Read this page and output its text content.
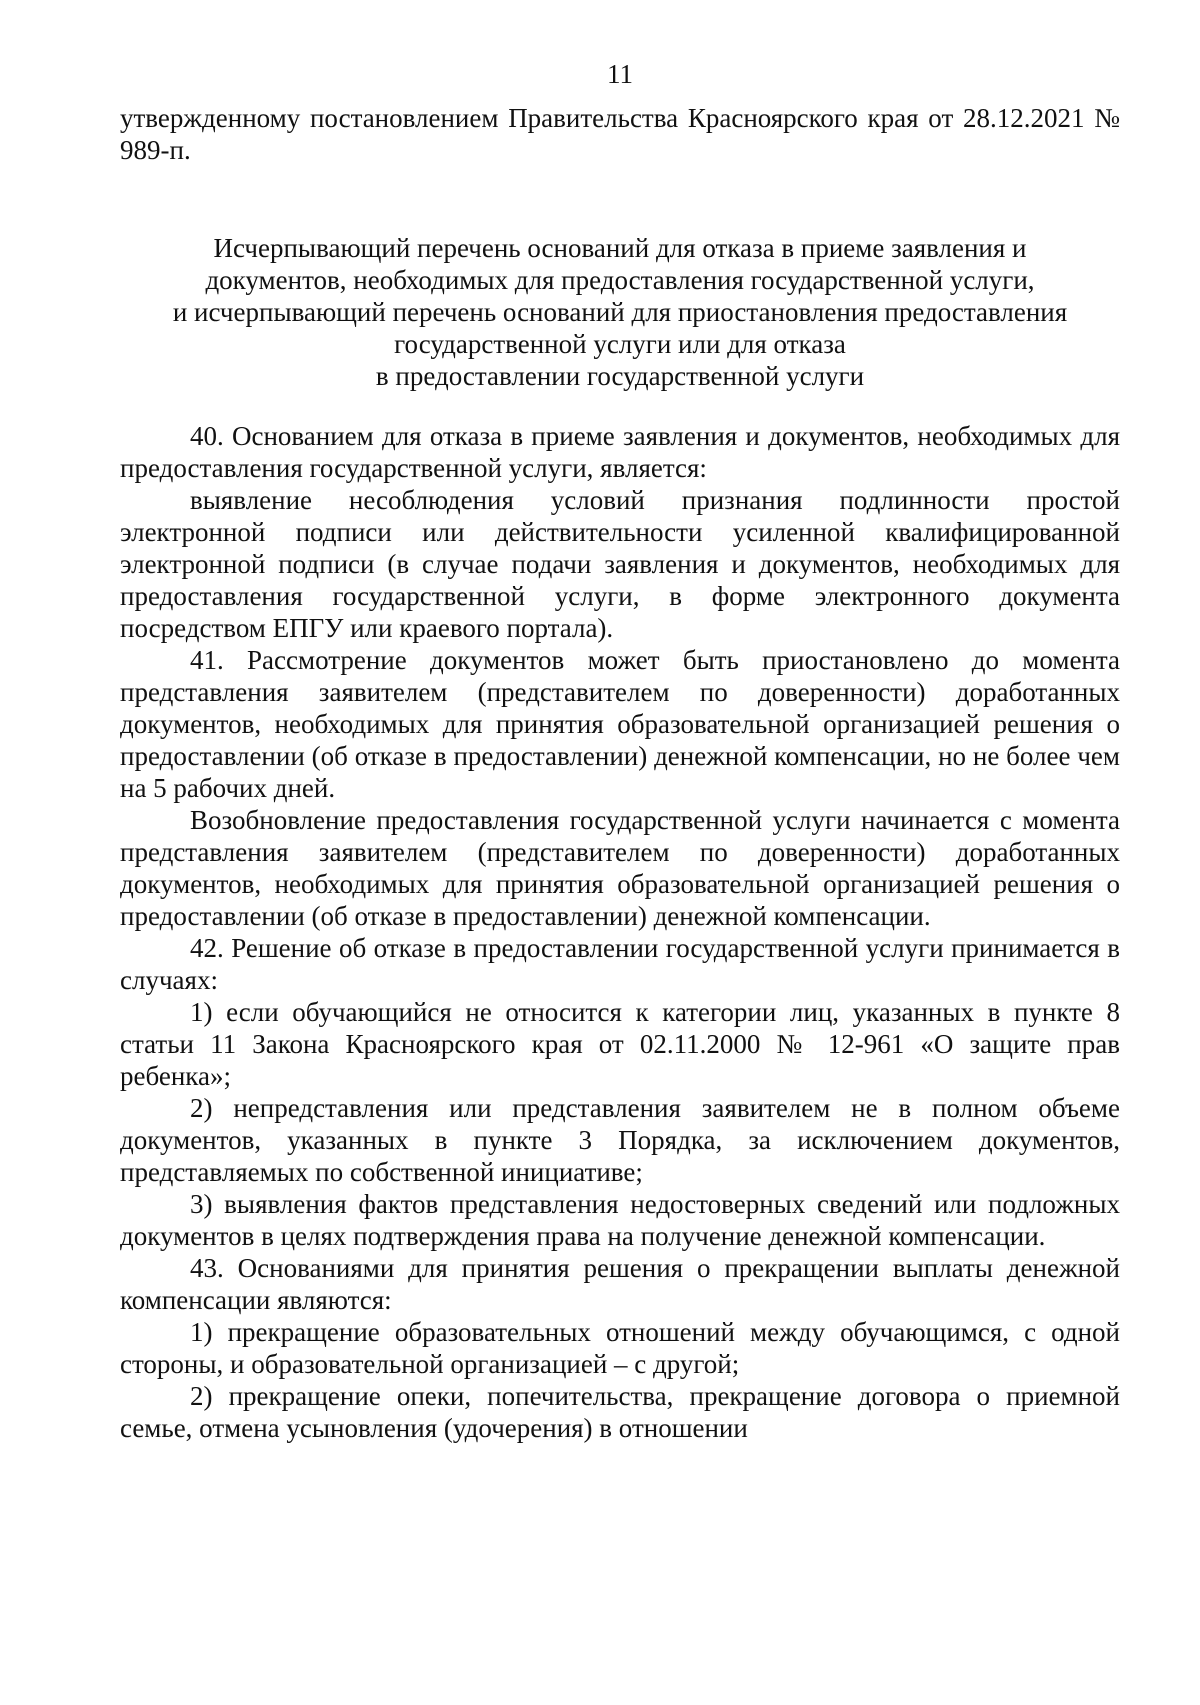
11

утвержденному постановлением Правительства Красноярского края от 28.12.2021 № 989-п.

Исчерпывающий перечень оснований для отказа в приеме заявления и
документов, необходимых для предоставления государственной услуги,
и исчерпывающий перечень оснований для приостановления предоставления
государственной услуги или для отказа
в предоставлении государственной услуги

40. Основанием для отказа в приеме заявления и документов, необходимых для предоставления государственной услуги, является:

выявление несоблюдения условий признания подлинности простой электронной подписи или действительности усиленной квалифицированной электронной подписи (в случае подачи заявления и документов, необходимых для предоставления государственной услуги, в форме электронного документа посредством ЕПГУ или краевого портала).

41. Рассмотрение документов может быть приостановлено до момента представления заявителем (представителем по доверенности) доработанных документов, необходимых для принятия образовательной организацией решения о предоставлении (об отказе в предоставлении) денежной компенсации, но не более чем на 5 рабочих дней.

Возобновление предоставления государственной услуги начинается с момента представления заявителем (представителем по доверенности) доработанных документов, необходимых для принятия образовательной организацией решения о предоставлении (об отказе в предоставлении) денежной компенсации.

42. Решение об отказе в предоставлении государственной услуги принимается в случаях:

1) если обучающийся не относится к категории лиц, указанных в пункте 8 статьи 11 Закона Красноярского края от 02.11.2000 № 12-961 «О защите прав ребенка»;

2) непредставления или представления заявителем не в полном объеме документов, указанных в пункте 3 Порядка, за исключением документов, представляемых по собственной инициативе;

3) выявления фактов представления недостоверных сведений или подложных документов в целях подтверждения права на получение денежной компенсации.

43. Основаниями для принятия решения о прекращении выплаты денежной компенсации являются:

1) прекращение образовательных отношений между обучающимся, с одной стороны, и образовательной организацией – с другой;

2) прекращение опеки, попечительства, прекращение договора о приемной семье, отмена усыновления (удочерения) в отношении
